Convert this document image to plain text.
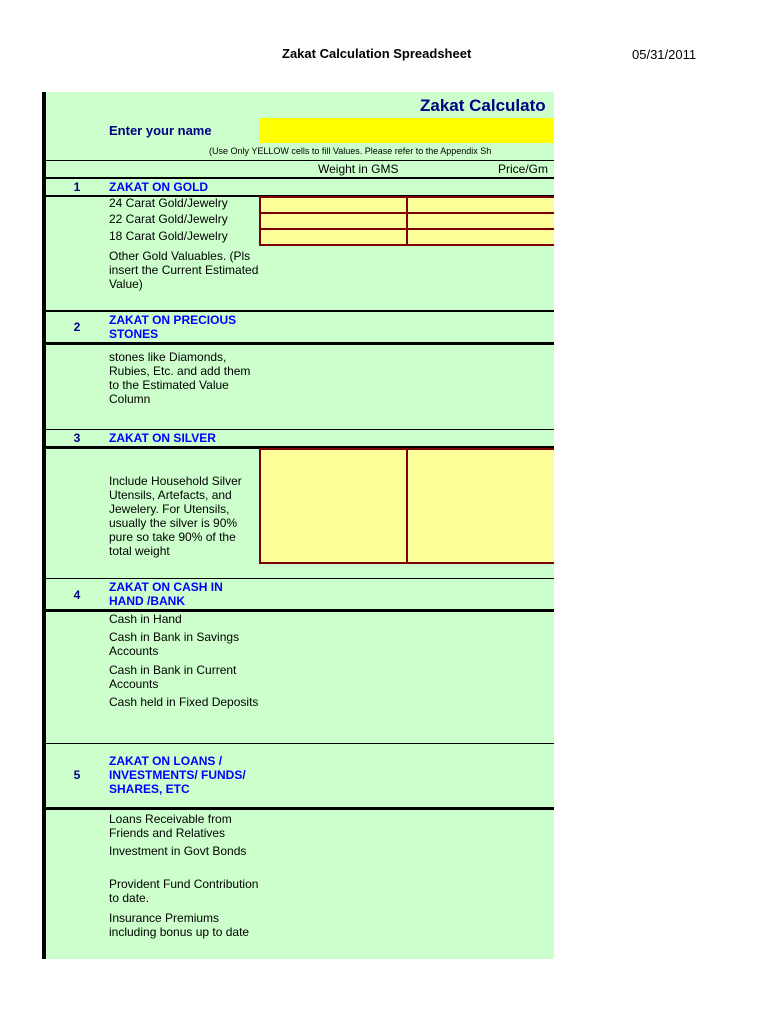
Zakat Calculation Spreadsheet	05/31/2011
Zakat Calculato
Enter your name
(Use Only YELLOW cells to fill Values. Please refer to the Appendix Sh
Weight in GMS	Price/Gm
1 ZAKAT ON GOLD
24 Carat Gold/Jewelry
22 Carat Gold/Jewelry
18 Carat Gold/Jewelry
Other Gold Valuables. (Pls insert the Current Estimated Value)
2 ZAKAT ON PRECIOUS STONES
stones like Diamonds, Rubies, Etc. and add them to the Estimated Value Column
3 ZAKAT ON SILVER
Include Household Silver Utensils, Artefacts, and Jewelery. For Utensils, usually the silver is 90% pure so take 90% of the total weight
4
ZAKAT ON CASH IN HAND /BANK
Cash in Hand
Cash in Bank in Savings Accounts
Cash in Bank in Current Accounts
Cash held in Fixed Deposits
5
ZAKAT ON LOANS / INVESTMENTS/ FUNDS/ SHARES, ETC
Loans Receivable from Friends and Relatives
Investment in Govt Bonds
Provident Fund Contribution to date.
Insurance Premiums including bonus up to date
